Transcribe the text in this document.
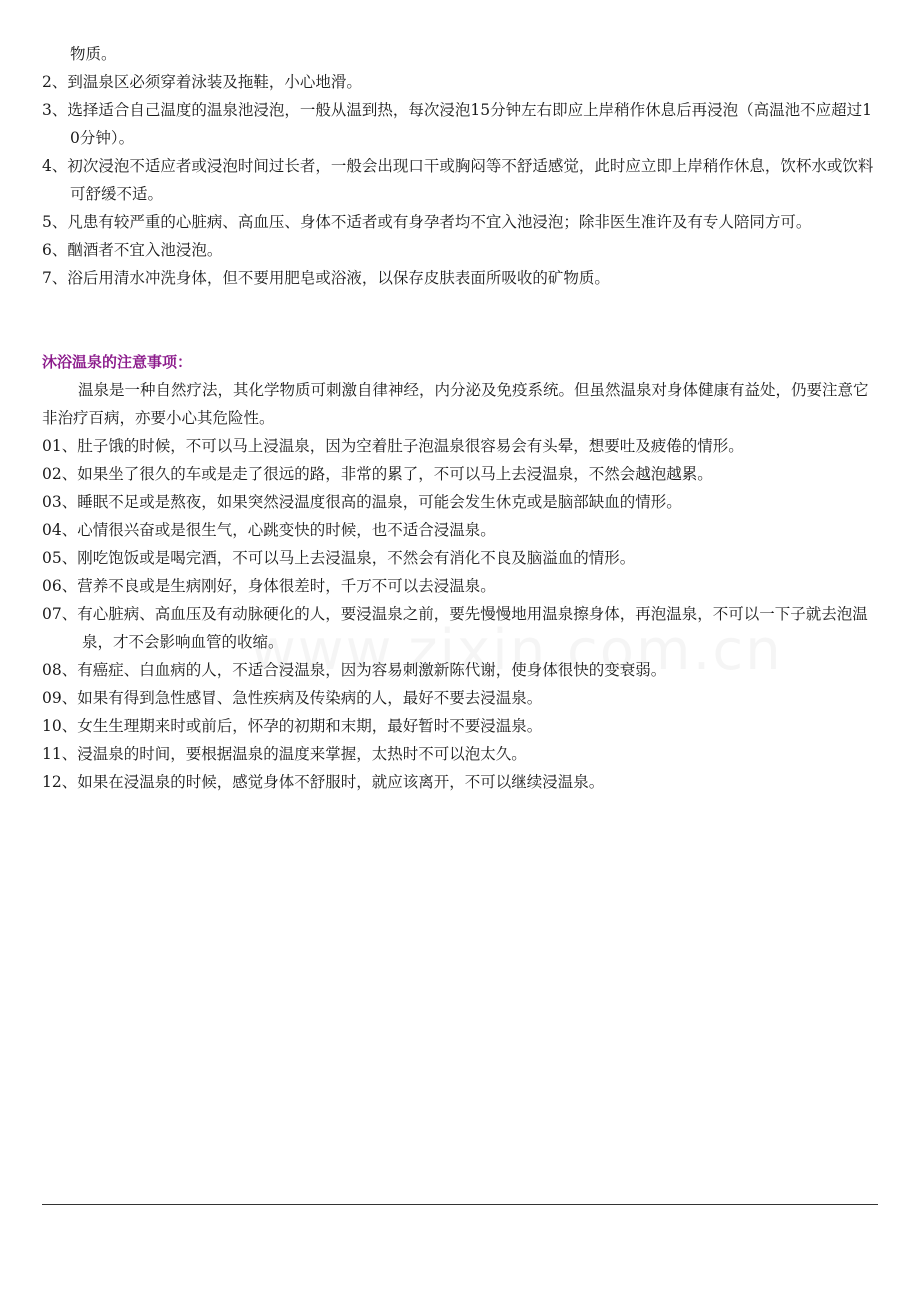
物质。

2、到温泉区必须穿着泳装及拖鞋，小心地滑。

3、选择适合自己温度的温泉池浸泡，一般从温到热，每次浸泡15分钟左右即应上岸稍作休息后再浸泡（高温池不应超过10分钟）。

4、初次浸泡不适应者或浸泡时间过长者，一般会出现口干或胸闷等不舒适感觉，此时应立即上岸稍作休息，饮杯水或饮料可舒缓不适。

5、凡患有较严重的心脏病、高血压、身体不适者或有身孕者均不宜入池浸泡；除非医生准许及有专人陪同方可。

6、酗酒者不宜入池浸泡。

7、浴后用清水冲洗身体，但不要用肥皂或浴液，以保存皮肤表面所吸收的矿物质。

沐浴温泉的注意事项：

温泉是一种自然疗法，其化学物质可刺激自律神经，内分泌及免疫系统。但虽然温泉对身体健康有益处，仍要注意它非治疗百病，亦要小心其危险性。

01、肚子饿的时候，不可以马上浸温泉，因为空着肚子泡温泉很容易会有头晕，想要吐及疲倦的情形。

02、如果坐了很久的车或是走了很远的路，非常的累了，不可以马上去浸温泉，不然会越泡越累。

03、睡眠不足或是熬夜，如果突然浸温度很高的温泉，可能会发生休克或是脑部缺血的情形。

04、心情很兴奋或是很生气，心跳变快的时候，也不适合浸温泉。

05、刚吃饱饭或是喝完酒，不可以马上去浸温泉，不然会有消化不良及脑溢血的情形。

06、营养不良或是生病刚好，身体很差时，千万不可以去浸温泉。

07、有心脏病、高血压及有动脉硬化的人，要浸温泉之前，要先慢慢地用温泉擦身体，再泡温泉，不可以一下子就去泡温泉，才不会影响血管的收缩。

08、有癌症、白血病的人，不适合浸温泉，因为容易刺激新陈代谢，使身体很快的变衰弱。

09、如果有得到急性感冒、急性疾病及传染病的人，最好不要去浸温泉。

10、女生生理期来时或前后，怀孕的初期和末期，最好暂时不要浸温泉。

11、浸温泉的时间，要根据温泉的温度来掌握，太热时不可以泡太久。

12、如果在浸温泉的时候，感觉身体不舒服时，就应该离开，不可以继续浸温泉。
